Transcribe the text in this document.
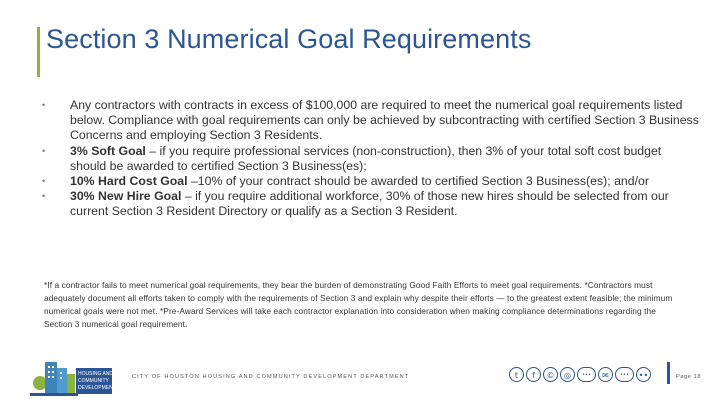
Section 3 Numerical Goal Requirements
• Any contractors with contracts in excess of $100,000 are required to meet the numerical goal requirements listed below. Compliance with goal requirements can only be achieved by subcontracting with certified Section 3 Business Concerns and employing Section 3 Residents.
• 3% Soft Goal – if you require professional services (non-construction), then 3% of your total soft cost budget should be awarded to certified Section 3 Business(es);
• 10% Hard Cost Goal –10% of your contract should be awarded to certified Section 3 Business(es); and/or
• 30% New Hire Goal – if you require additional workforce, 30% of those new hires should be selected from our current Section 3 Resident Directory or qualify as a Section 3 Resident.
*If a contractor fails to meet numerical goal requirements, they bear the burden of demonstrating Good Faith Efforts to meet goal requirements. *Contractors must adequately document all efforts taken to comply with the requirements of Section 3 and explain why despite their efforts — to the greatest extent feasible; the minimum numerical goals were not met. *Pre-Award Services will take each contractor explanation into consideration when making compliance determinations regarding the Section 3 numerical goal requirement.
HOUSING AND
COMMUNITY
DEVELOPMENT
CITY OF HOUSTON HOUSING AND COMMUNITY DEVELOPMENT DEPARTMENT	t	f	©	◎	•••	✉	•••	••	Page 18
